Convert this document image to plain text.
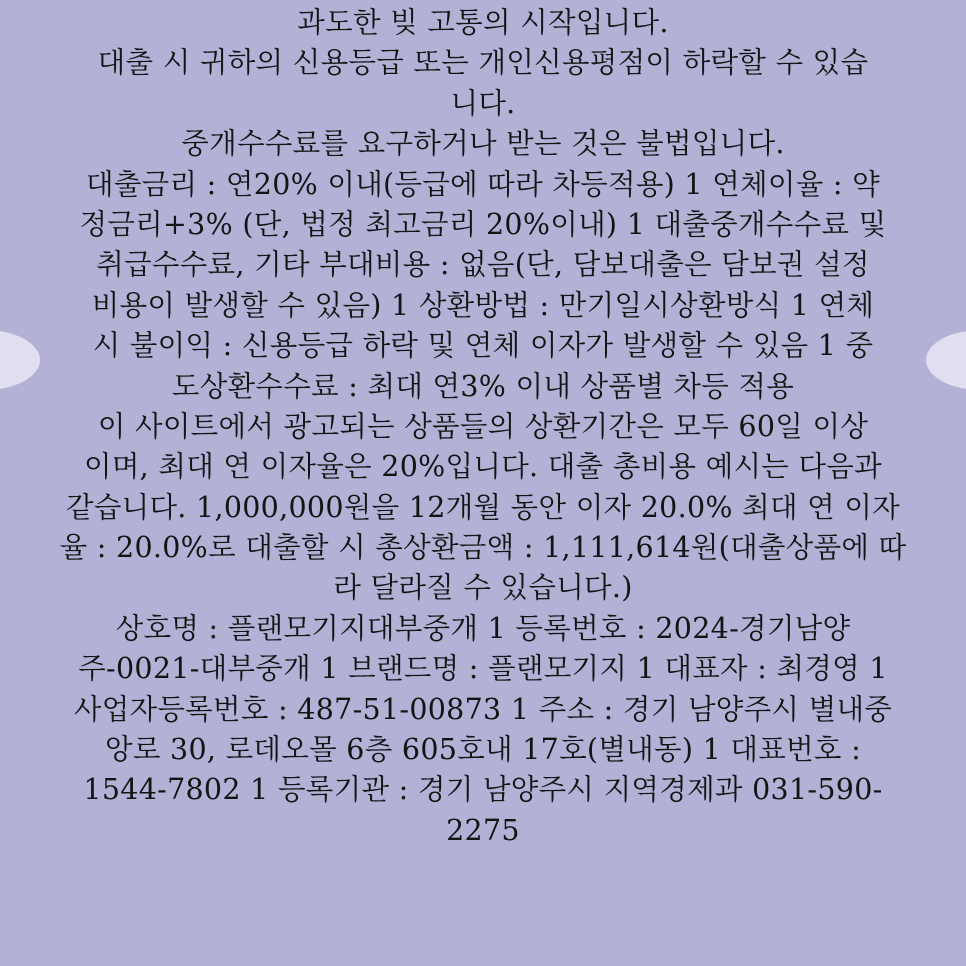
과도한 빚 고통의 시작입니다.
대출 시 귀하의 신용등급 또는 개인신용평점이 하락할 수 있습
니다.
중개수수료를 요구하거나 받는 것은 불법입니다.
대출금리 : 연20% 이내(등급에 따라 차등적용) 1 연체이율 : 약
정금리+3% (단, 법정 최고금리 20%이내) 1 대출중개수수료 및
취급수수료, 기타 부대비용 : 없음(단, 담보대출은 담보권 설정
비용이 발생할 수 있음) 1 상환방법 : 만기일시상환방식 1 연체
시 불이익 : 신용등급 하락 및 연체 이자가 발생할 수 있음 1 중
도상환수수료 : 최대 연3% 이내 상품별 차등 적용
이 사이트에서 광고되는 상품들의 상환기간은 모두 60일 이상
이며, 최대 연 이자율은 20%입니다. 대출 총비용 예시는 다음과
같습니다. 1,000,000원을 12개월 동안 이자 20.0% 최대 연 이자
율 : 20.0%로 대출할 시 총상환금액 : 1,111,614원(대출상품에 따
라 달라질 수 있습니다.)
상호명 : 플랜모기지대부중개 1 등록번호 : 2024-경기남양
주-0021-대부중개 1 브랜드명 : 플랜모기지 1 대표자 : 최경영 1
사업자등록번호 : 487-51-00873 1 주소 : 경기 남양주시 별내중
앙로 30, 로데오몰 6층 605호내 17호(별내동) 1 대표번호 :
1544-7802 1 등록기관 : 경기 남양주시 지역경제과 031-590-
2275
